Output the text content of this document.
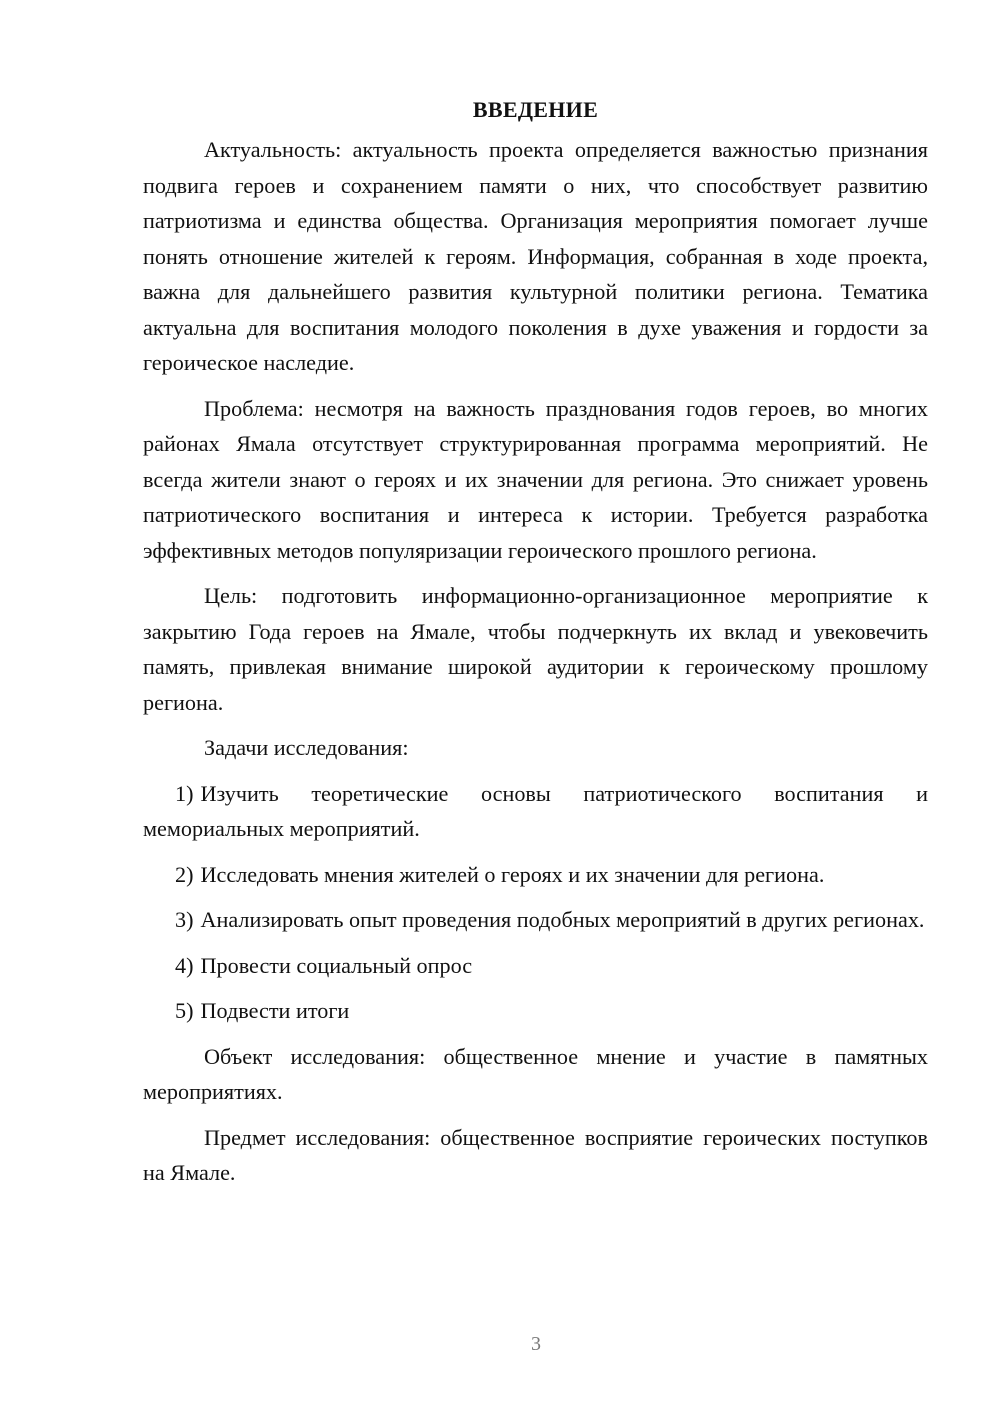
ВВЕДЕНИЕ

Актуальность: актуальность проекта определяется важностью признания подвига героев и сохранением памяти о них, что способствует развитию патриотизма и единства общества. Организация мероприятия помогает лучше понять отношение жителей к героям. Информация, собранная в ходе проекта, важна для дальнейшего развития культурной политики региона. Тематика актуальна для воспитания молодого поколения в духе уважения и гордости за героическое наследие.

Проблема: несмотря на важность празднования годов героев, во многих районах Ямала отсутствует структурированная программа мероприятий. Не всегда жители знают о героях и их значении для региона. Это снижает уровень патриотического воспитания и интереса к истории. Требуется разработка эффективных методов популяризации героического прошлого региона.

Цель: подготовить информационно-организационное мероприятие к закрытию Года героев на Ямале, чтобы подчеркнуть их вклад и увековечить память, привлекая внимание широкой аудитории к героическому прошлому региона.

Задачи исследования:

1) Изучить теоретические основы патриотического воспитания и мемориальных мероприятий.
2) Исследовать мнения жителей о героях и их значении для региона.
3) Анализировать опыт проведения подобных мероприятий в других регионах.
4) Провести социальный опрос
5) Подвести итоги

Объект исследования: общественное мнение и участие в памятных мероприятиях.

Предмет исследования: общественное восприятие героических поступков на Ямале.

3
